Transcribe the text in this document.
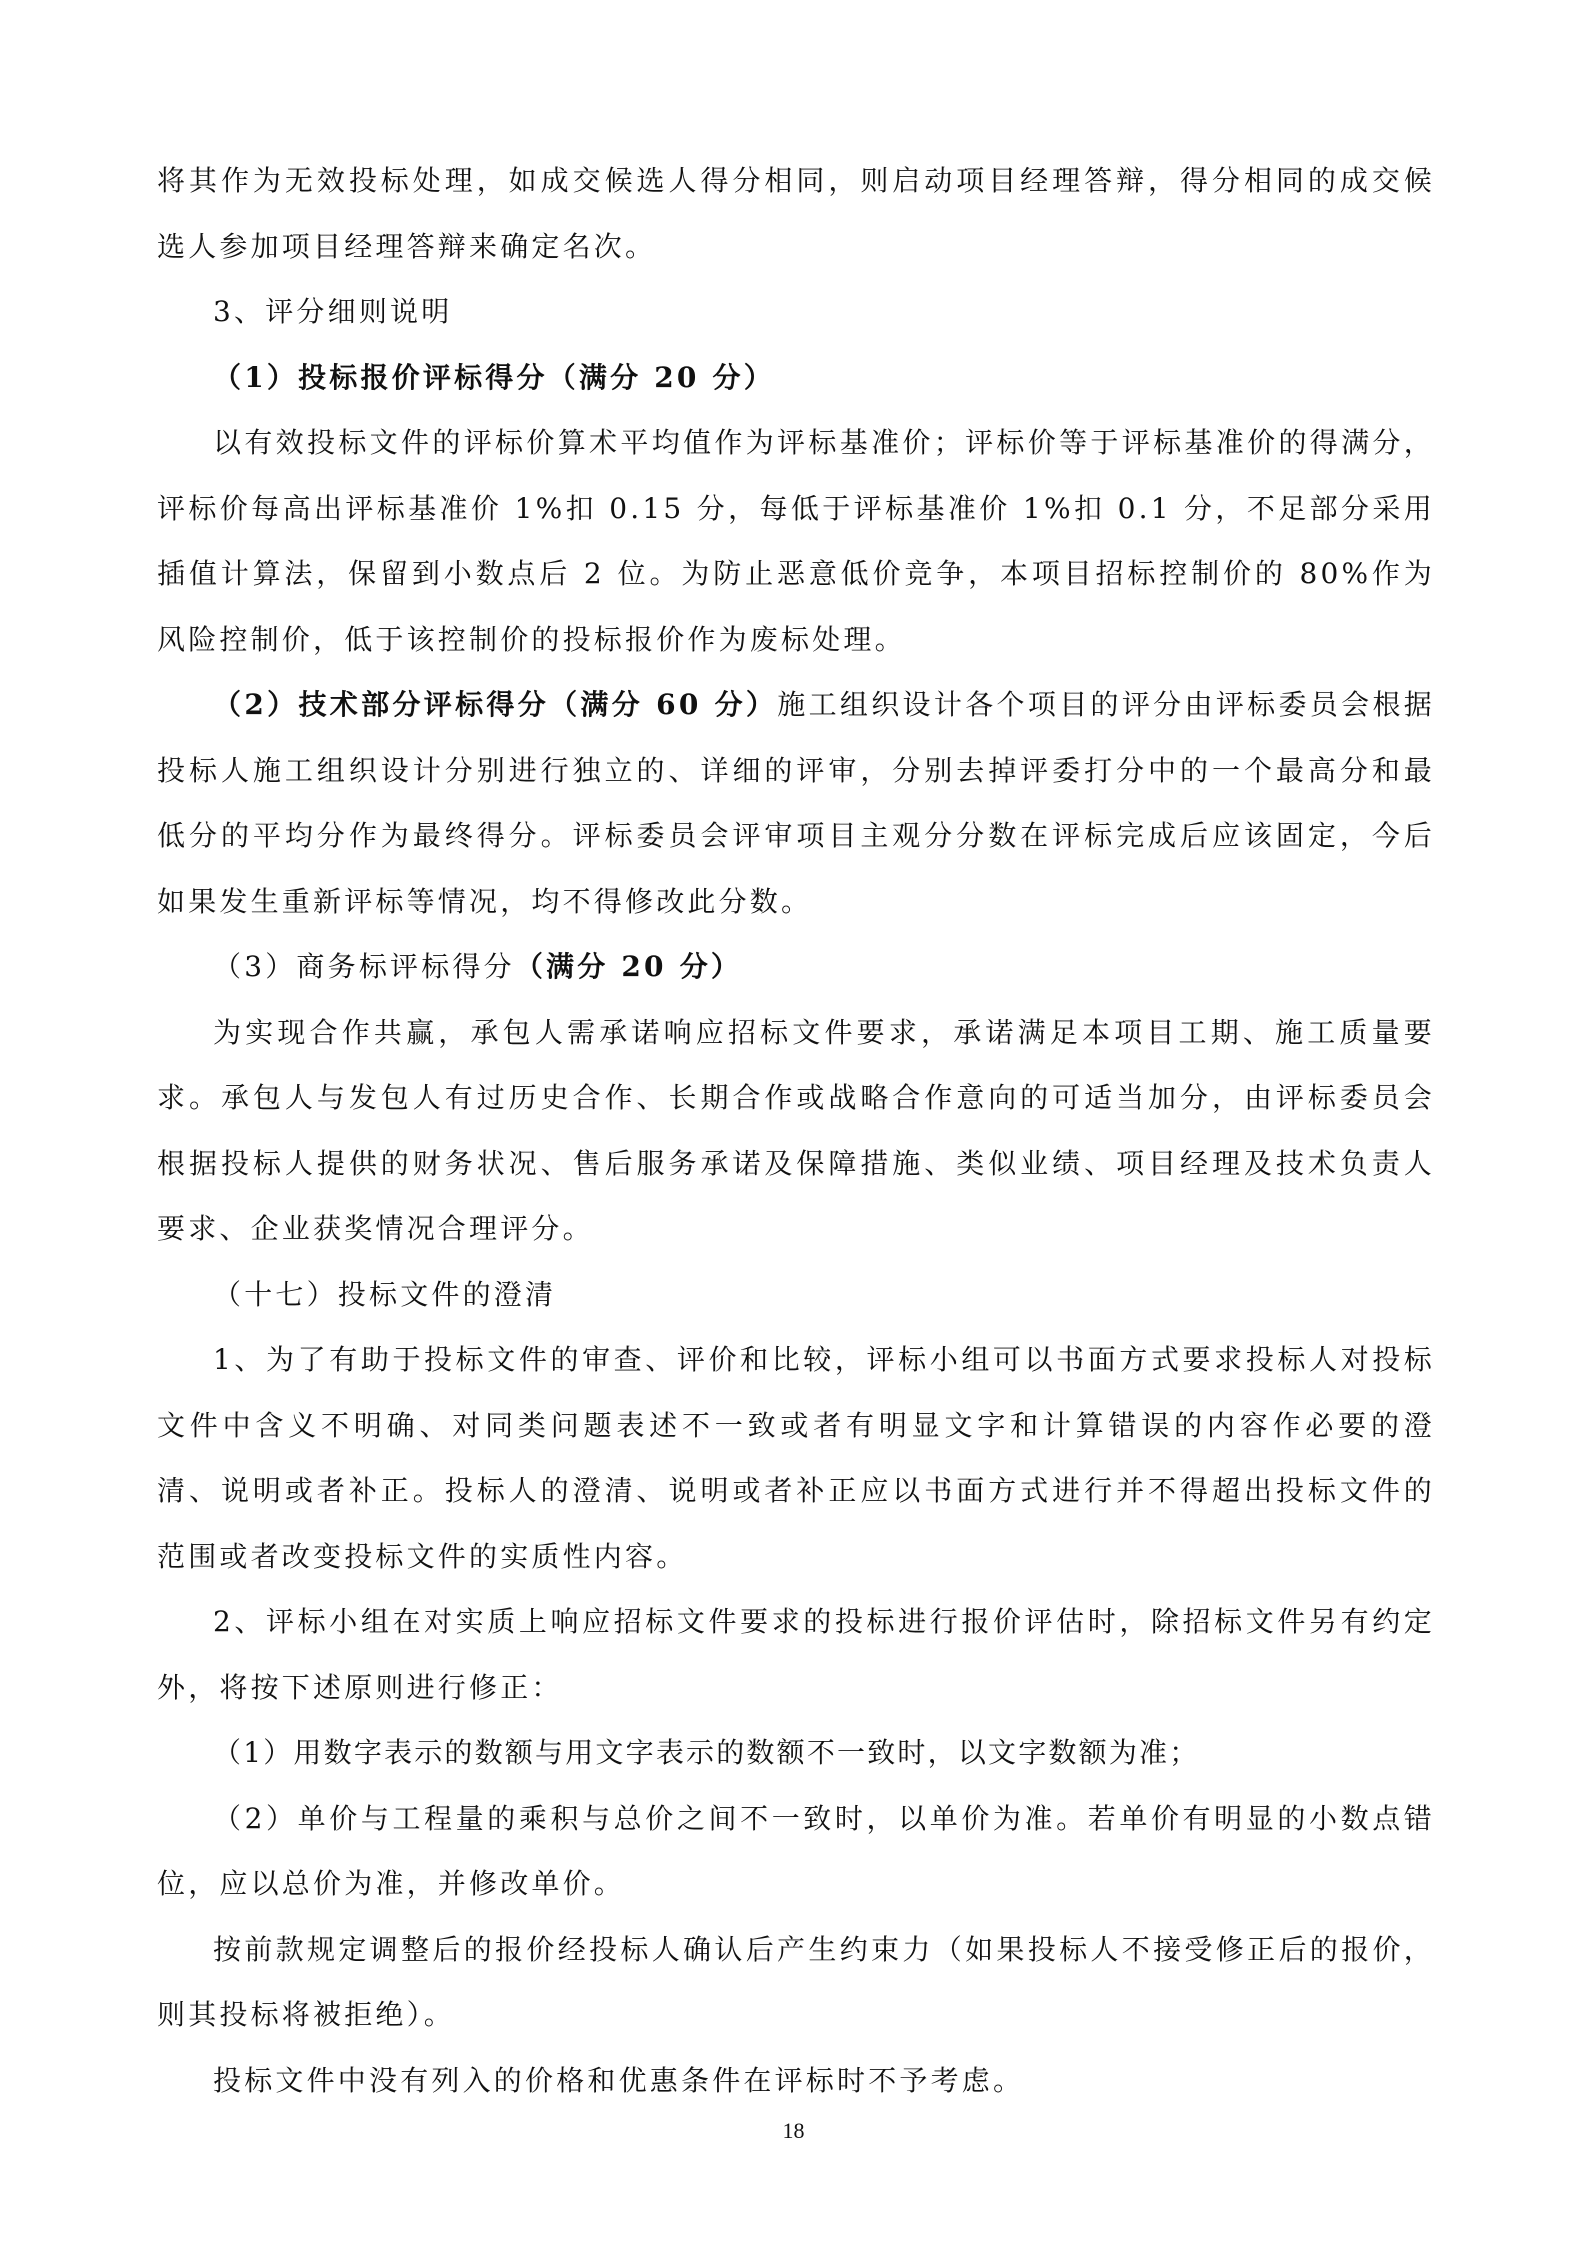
将其作为无效投标处理，如成交候选人得分相同，则启动项目经理答辩，得分相同的成交候选人参加项目经理答辩来确定名次。

3、评分细则说明

（1）投标报价评标得分（满分 20 分）

以有效投标文件的评标价算术平均值作为评标基准价；评标价等于评标基准价的得满分，评标价每高出评标基准价 1%扣 0.15 分，每低于评标基准价 1%扣 0.1 分，不足部分采用插值计算法，保留到小数点后 2 位。为防止恶意低价竞争，本项目招标控制价的 80%作为风险控制价，低于该控制价的投标报价作为废标处理。

（2）技术部分评标得分（满分 60 分）施工组织设计各个项目的评分由评标委员会根据投标人施工组织设计分别进行独立的、详细的评审，分别去掉评委打分中的一个最高分和最低分的平均分作为最终得分。评标委员会评审项目主观分分数在评标完成后应该固定，今后如果发生重新评标等情况，均不得修改此分数。

（3）商务标评标得分（满分 20 分）

为实现合作共赢，承包人需承诺响应招标文件要求，承诺满足本项目工期、施工质量要求。承包人与发包人有过历史合作、长期合作或战略合作意向的可适当加分，由评标委员会根据投标人提供的财务状况、售后服务承诺及保障措施、类似业绩、项目经理及技术负责人要求、企业获奖情况合理评分。

（十七）投标文件的澄清

1、为了有助于投标文件的审查、评价和比较，评标小组可以书面方式要求投标人对投标文件中含义不明确、对同类问题表述不一致或者有明显文字和计算错误的内容作必要的澄清、说明或者补正。投标人的澄清、说明或者补正应以书面方式进行并不得超出投标文件的范围或者改变投标文件的实质性内容。

2、评标小组在对实质上响应招标文件要求的投标进行报价评估时，除招标文件另有约定外，将按下述原则进行修正：

（1）用数字表示的数额与用文字表示的数额不一致时，以文字数额为准；

（2）单价与工程量的乘积与总价之间不一致时，以单价为准。若单价有明显的小数点错位，应以总价为准，并修改单价。

按前款规定调整后的报价经投标人确认后产生约束力（如果投标人不接受修正后的报价，则其投标将被拒绝）。

投标文件中没有列入的价格和优惠条件在评标时不予考虑。

18
